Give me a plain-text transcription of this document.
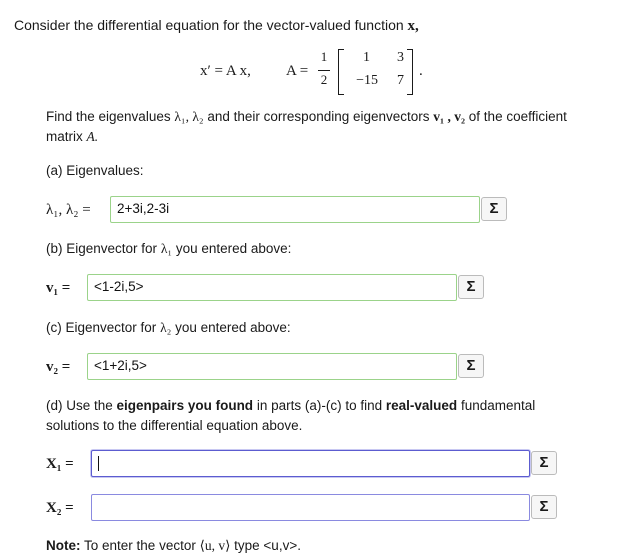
Consider the differential equation for the vector-valued function x,
x′ = A x, A =
1
2
1	3
−15	7
.
Find the eigenvalues λ₁, λ₂ and their corresponding eigenvectors v₁ , v₂ of the coefficient
matrix A.
(a) Eigenvalues:
λ₁, λ₂ =	2+3i,2-3i	Σ
(b) Eigenvector for λ₁ you entered above:
v₁ =	<1-2i,5>	Σ
(c) Eigenvector for λ₂ you entered above:
v₂ =	<1+2i,5>	Σ
(d) Use the eigenpairs you found in parts (a)-(c) to find real-valued fundamental
solutions to the differential equation above.
X₁ =	Σ
X₂ =	Σ
Note: To enter the vector ⟨u, v⟩ type <u,v>.
